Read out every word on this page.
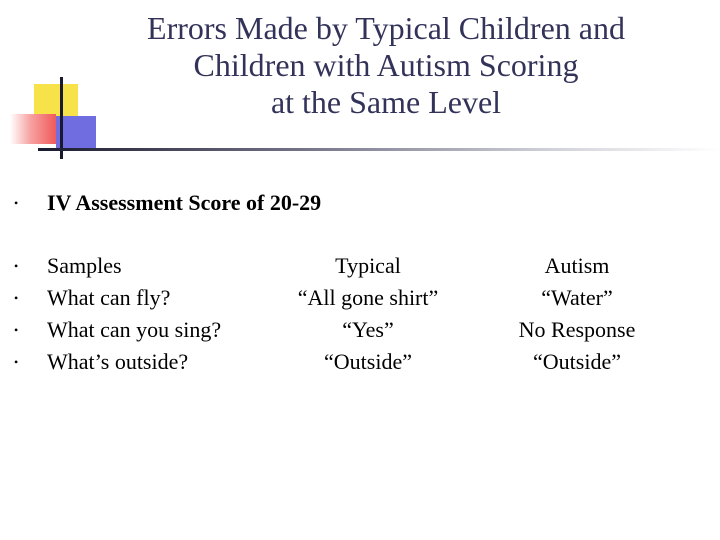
Errors Made by Typical Children and
Children with Autism Scoring
at the Same Level
• IV Assessment Score of 20-29
• Samples	Typical	Autism
• What can fly?	“All gone shirt”	“Water”
• What can you sing?	“Yes”	No Response
• What’s outside?	“Outside”	“Outside”
